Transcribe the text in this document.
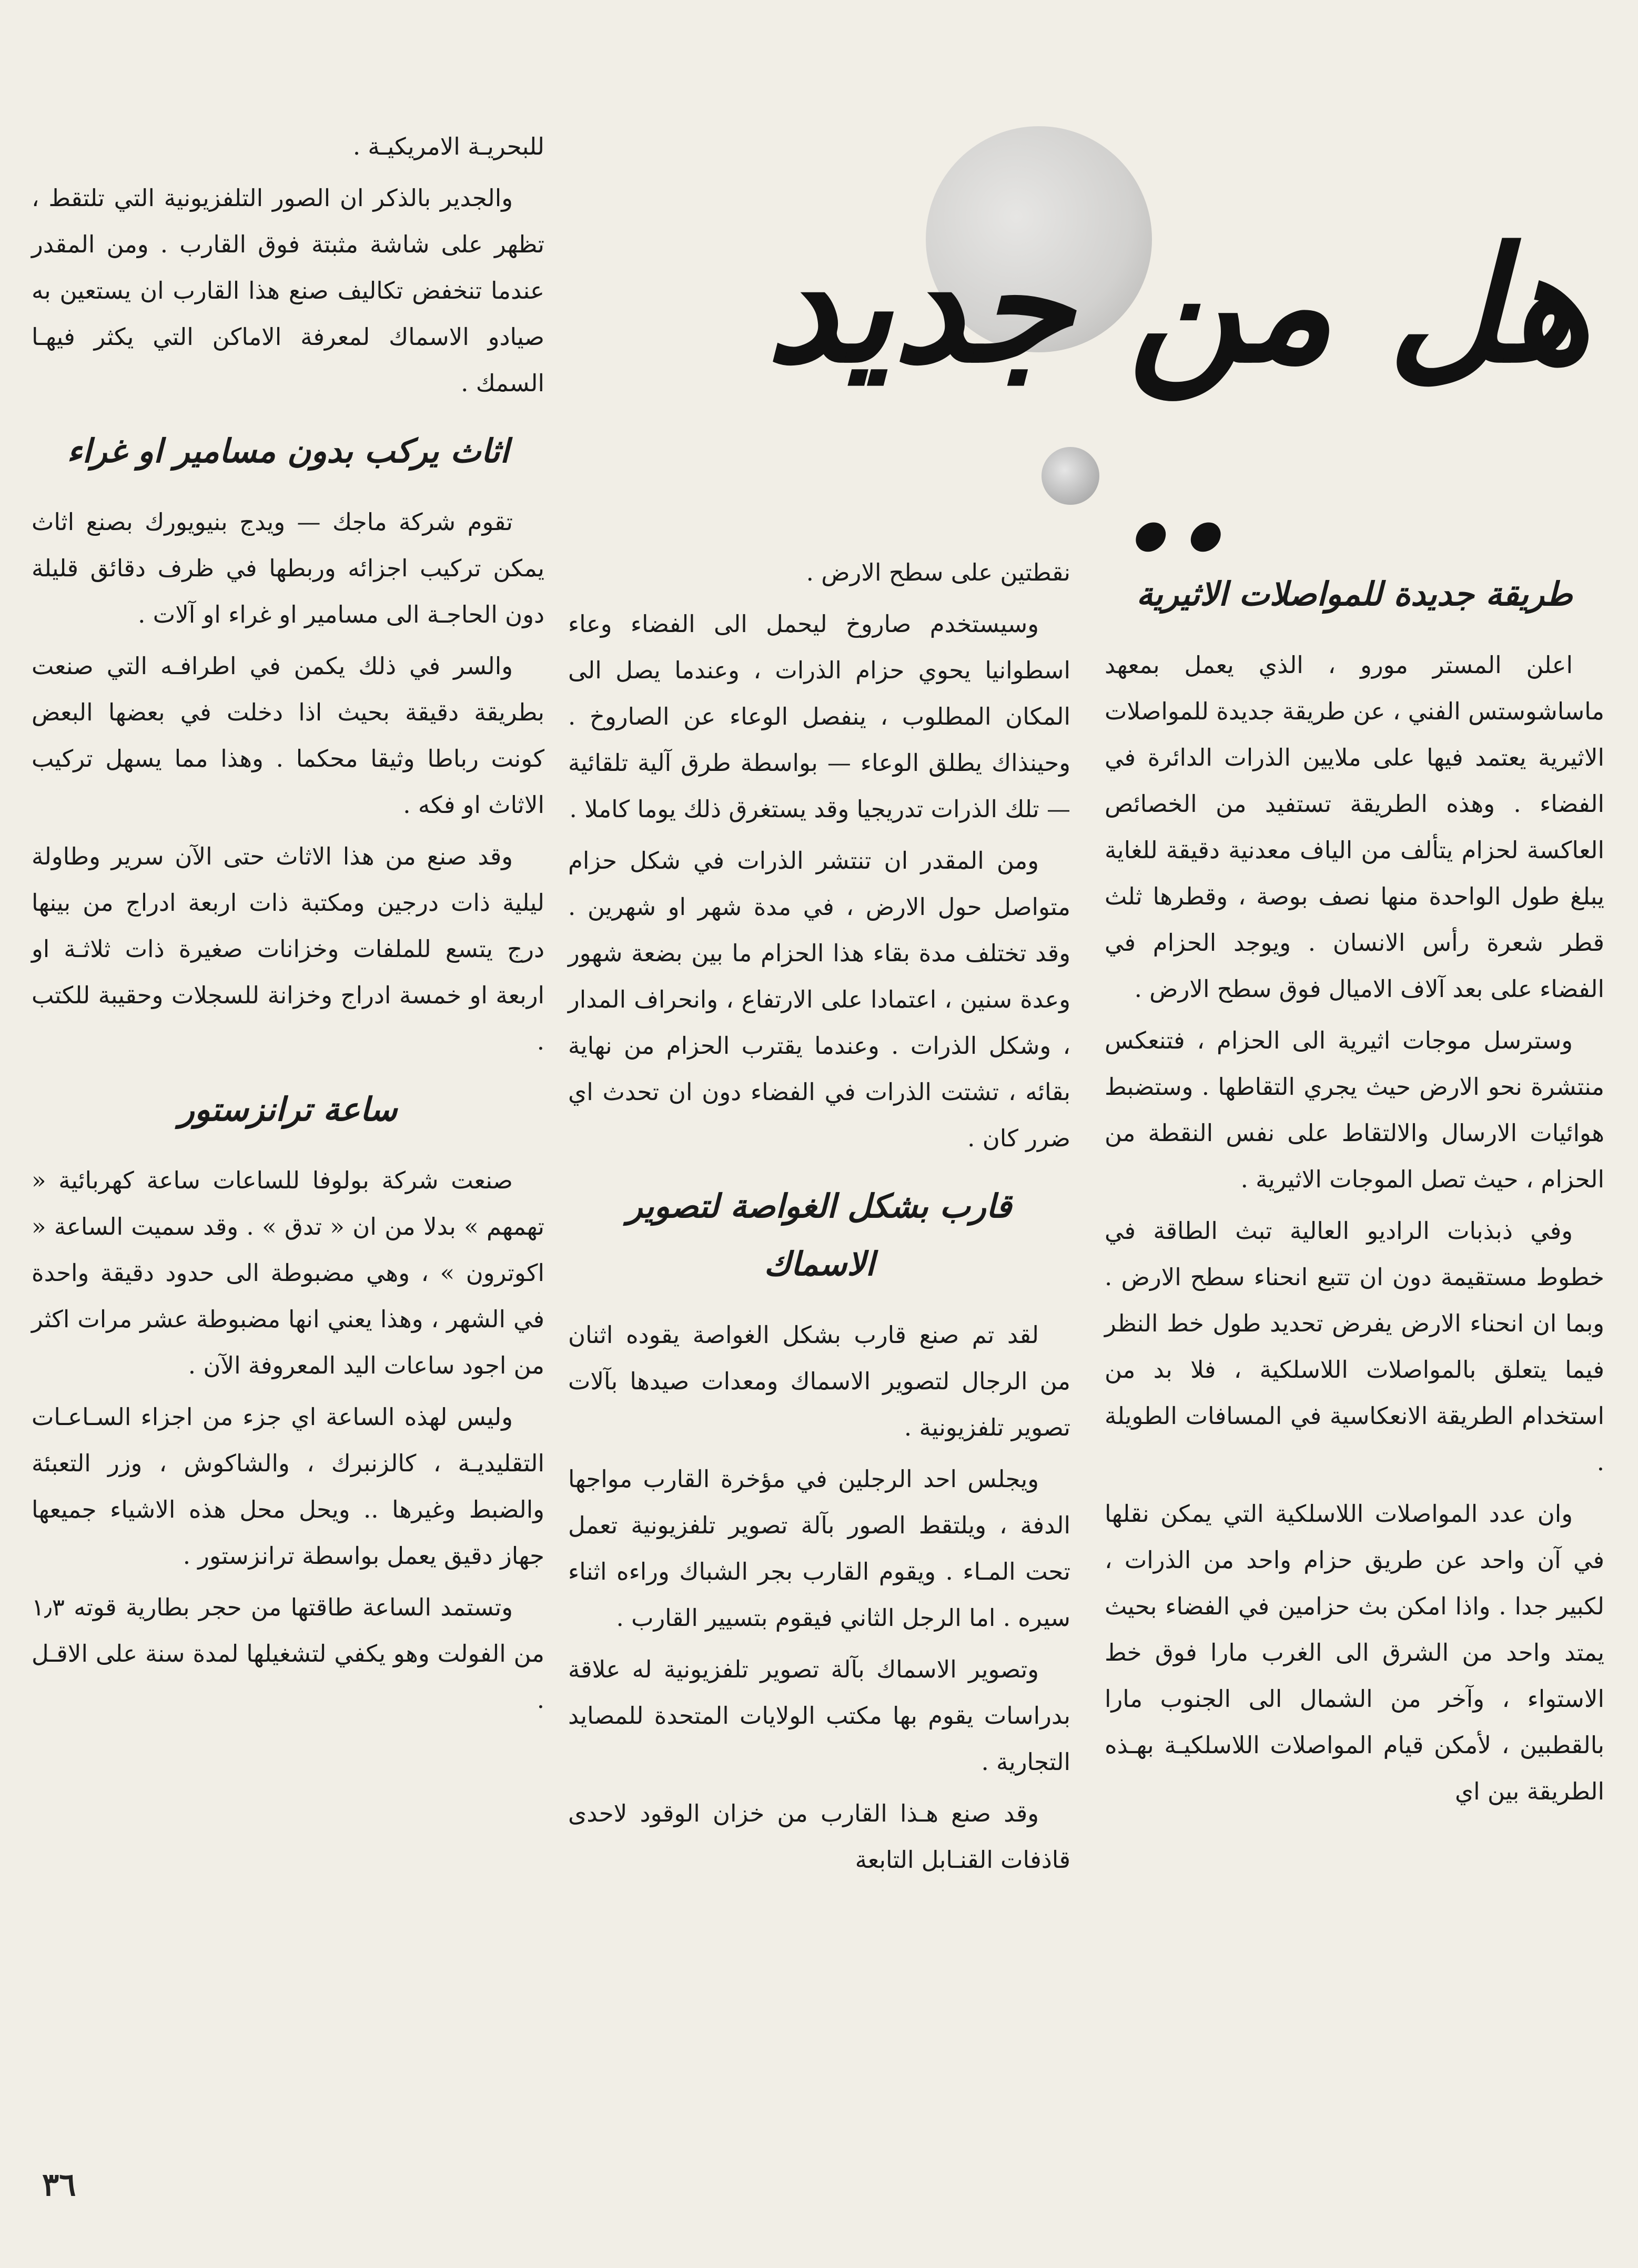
هل من جديد ..
طريقة جديدة للمواصلات الاثيرية

اعلن المستر مورو ، الذي يعمل بمعهد ماساشوستس الفني ، عن طريقة جديدة للمواصلات الاثيرية يعتمد فيها على ملايين الذرات الدائرة في الفضاء . وهذه الطريقة تستفيد من الخصائص العاكسة لحزام يتألف من الياف معدنية دقيقة للغاية يبلغ طول الواحدة منها نصف بوصة ، وقطرها ثلث قطر شعرة رأس الانسان . ويوجد الحزام في الفضاء على بعد آلاف الاميال فوق سطح الارض .

وسترسل موجات اثيرية الى الحزام ، فتنعكس منتشرة نحو الارض حيث يجري التقاطها . وستضبط هوائيات الارسال والالتقاط على نفس النقطة من الحزام ، حيث تصل الموجات الاثيرية .

وفي ذبذبات الراديو العالية تبث الطاقة في خطوط مستقيمة دون ان تتبع انحناء سطح الارض . وبما ان انحناء الارض يفرض تحديد طول خط النظر فيما يتعلق بالمواصلات اللاسلكية ، فلا بد من استخدام الطريقة الانعكاسية في المسافات الطويلة .

وان عدد المواصلات اللاسلكية التي يمكن نقلها في آن واحد عن طريق حزام واحد من الذرات ، لكبير جدا . واذا امكن بث حزامين في الفضاء بحيث يمتد واحد من الشرق الى الغرب مارا فوق خط الاستواء ، وآخر من الشمال الى الجنوب مارا بالقطبين ، لأمكن قيام المواصلات اللاسلكيـة بهـذه الطريقة بين اي

نقطتين على سطح الارض .

وسيستخدم صاروخ ليحمل الى الفضاء وعاء اسطوانيا يحوي حزام الذرات ، وعندما يصل الى المكان المطلوب ، ينفصل الوعاء عن الصاروخ . وحينذاك يطلق الوعاء — بواسطة طرق آلية تلقائية — تلك الذرات تدريجيا وقد يستغرق ذلك يوما كاملا .

ومن المقدر ان تنتشر الذرات في شكل حزام متواصل حول الارض ، في مدة شهر او شهرين . وقد تختلف مدة بقاء هذا الحزام ما بين بضعة شهور وعدة سنين ، اعتمادا على الارتفاع ، وانحراف المدار ، وشكل الذرات . وعندما يقترب الحزام من نهاية بقائه ، تشتت الذرات في الفضاء دون ان تحدث اي ضرر كان .

قارب بشكل الغواصة لتصوير الاسماك

لقد تم صنع قارب بشكل الغواصة يقوده اثنان من الرجال لتصوير الاسماك ومعدات صيدها بآلات تصوير تلفزيونية .

ويجلس احد الرجلين في مؤخرة القارب مواجها الدفة ، ويلتقط الصور بآلة تصوير تلفزيونية تعمل تحت المـاء . ويقوم القارب بجر الشباك وراءه اثناء سيره . اما الرجل الثاني فيقوم بتسيير القارب .

وتصوير الاسماك بآلة تصوير تلفزيونية له علاقة بدراسات يقوم بها مكتب الولايات المتحدة للمصايد التجارية .

وقد صنع هـذا القارب من خزان الوقود لاحدى قاذفات القنـابل التابعة

للبحريـة الامريكيـة .

والجدير بالذكر ان الصور التلفزيونية التي تلتقط ، تظهر على شاشة مثبتة فوق القارب . ومن المقدر عندما تنخفض تكاليف صنع هذا القارب ان يستعين به صيادو الاسماك لمعرفة الاماكن التي يكثر فيهـا السمك .

اثاث يركب بدون مسامير او غراء

تقوم شركة ماجك — ويدج بنيويورك بصنع اثاث يمكن تركيب اجزائه وربطها في ظرف دقائق قليلة دون الحاجـة الى مسامير او غراء او آلات .

والسر في ذلك يكمن في اطرافـه التي صنعت بطريقة دقيقة بحيث اذا دخلت في بعضها البعض كونت رباطا وثيقا محكما . وهذا مما يسهل تركيب الاثاث او فكه .

وقد صنع من هذا الاثاث حتى الآن سرير وطاولة ليلية ذات درجين ومكتبة ذات اربعة ادراج من بينها درج يتسع للملفات وخزانات صغيرة ذات ثلاثـة او اربعة او خمسة ادراج وخزانة للسجلات وحقيبة للكتب .

ساعة ترانزستور

صنعت شركة بولوفا للساعات ساعة كهربائية « تهمهم » بدلا من ان « تدق » . وقد سميت الساعة « اكوترون » ، وهي مضبوطة الى حدود دقيقة واحدة في الشهر ، وهذا يعني انها مضبوطة عشر مرات اكثر من اجود ساعات اليد المعروفة الآن .

وليس لهذه الساعة اي جزء من اجزاء السـاعـات التقليديـة ، كالزنبرك ، والشاكوش ، وزر التعبئة والضبط وغيرها .. ويحل محل هذه الاشياء جميعها جهاز دقيق يعمل بواسطة ترانزستور .

وتستمد الساعة طاقتها من حجر بطارية قوته ١٫٣ من الفولت وهو يكفي لتشغيلها لمدة سنة على الاقـل .

٣٦
